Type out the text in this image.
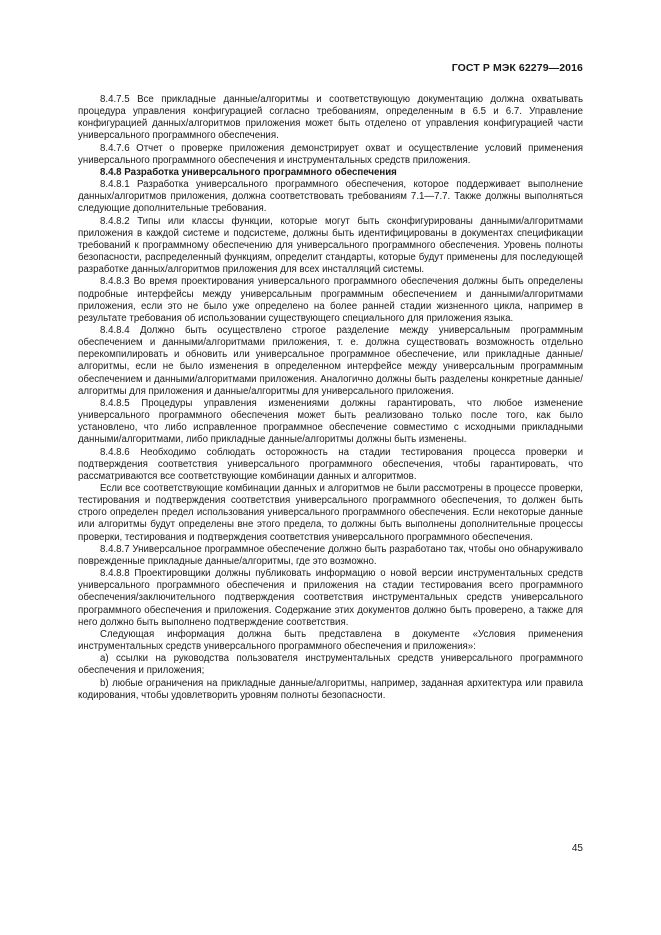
ГОСТ Р МЭК 62279—2016

8.4.7.5 Все прикладные данные/алгоритмы и соответствующую документацию должна охватывать процедура управления конфигурацией согласно требованиям, определенным в 6.5 и 6.7. Управление конфигурацией данных/алгоритмов приложения может быть отделено от управления конфигурацией части универсального программного обеспечения.

8.4.7.6 Отчет о проверке приложения демонстрирует охват и осуществление условий применения универсального программного обеспечения и инструментальных средств приложения.

8.4.8 Разработка универсального программного обеспечения

8.4.8.1 Разработка универсального программного обеспечения, которое поддерживает выполнение данных/алгоритмов приложения, должна соответствовать требованиям 7.1—7.7. Также должны выполняться следующие дополнительные требования.

8.4.8.2 Типы или классы функции, которые могут быть сконфигурированы данными/алгоритмами приложения в каждой системе и подсистеме, должны быть идентифицированы в документах спецификации требований к программному обеспечению для универсального программного обеспечения. Уровень полноты безопасности, распределенный функциям, определит стандарты, которые будут применены для последующей разработке данных/алгоритмов приложения для всех инсталляций системы.

8.4.8.3 Во время проектирования универсального программного обеспечения должны быть определены подробные интерфейсы между универсальным программным обеспечением и данными/алгоритмами приложения, если это не было уже определено на более ранней стадии жизненного цикла, например в результате требования об использовании существующего специального для приложения языка.

8.4.8.4 Должно быть осуществлено строгое разделение между универсальным программным обеспечением и данными/алгоритмами приложения, т. е. должна существовать возможность отдельно перекомпилировать и обновить или универсальное программное обеспечение, или прикладные данные/алгоритмы, если не было изменения в определенном интерфейсе между универсальным программным обеспечением и данными/алгоритмами приложения. Аналогично должны быть разделены конкретные данные/алгоритмы для приложения и данные/алгоритмы для универсального приложения.

8.4.8.5 Процедуры управления изменениями должны гарантировать, что любое изменение универсального программного обеспечения может быть реализовано только после того, как было установлено, что либо исправленное программное обеспечение совместимо с исходными прикладными данными/алгоритмами, либо прикладные данные/алгоритмы должны быть изменены.

8.4.8.6 Необходимо соблюдать осторожность на стадии тестирования процесса проверки и подтверждения соответствия универсального программного обеспечения, чтобы гарантировать, что рассматриваются все соответствующие комбинации данных и алгоритмов.

Если все соответствующие комбинации данных и алгоритмов не были рассмотрены в процессе проверки, тестирования и подтверждения соответствия универсального программного обеспечения, то должен быть строго определен предел использования универсального программного обеспечения. Если некоторые данные или алгоритмы будут определены вне этого предела, то должны быть выполнены дополнительные процессы проверки, тестирования и подтверждения соответствия универсального программного обеспечения.

8.4.8.7 Универсальное программное обеспечение должно быть разработано так, чтобы оно обнаруживало поврежденные прикладные данные/алгоритмы, где это возможно.

8.4.8.8 Проектировщики должны публиковать информацию о новой версии инструментальных средств универсального программного обеспечения и приложения на стадии тестирования всего программного обеспечения/заключительного подтверждения соответствия инструментальных средств универсального программного обеспечения и приложения. Содержание этих документов должно быть проверено, а также для него должно быть выполнено подтверждение соответствия.

Следующая информация должна быть представлена в документе «Условия применения инструментальных средств универсального программного обеспечения и приложения»:

a) ссылки на руководства пользователя инструментальных средств универсального программного обеспечения и приложения;

b) любые ограничения на прикладные данные/алгоритмы, например, заданная архитектура или правила кодирования, чтобы удовлетворить уровням полноты безопасности.

45
